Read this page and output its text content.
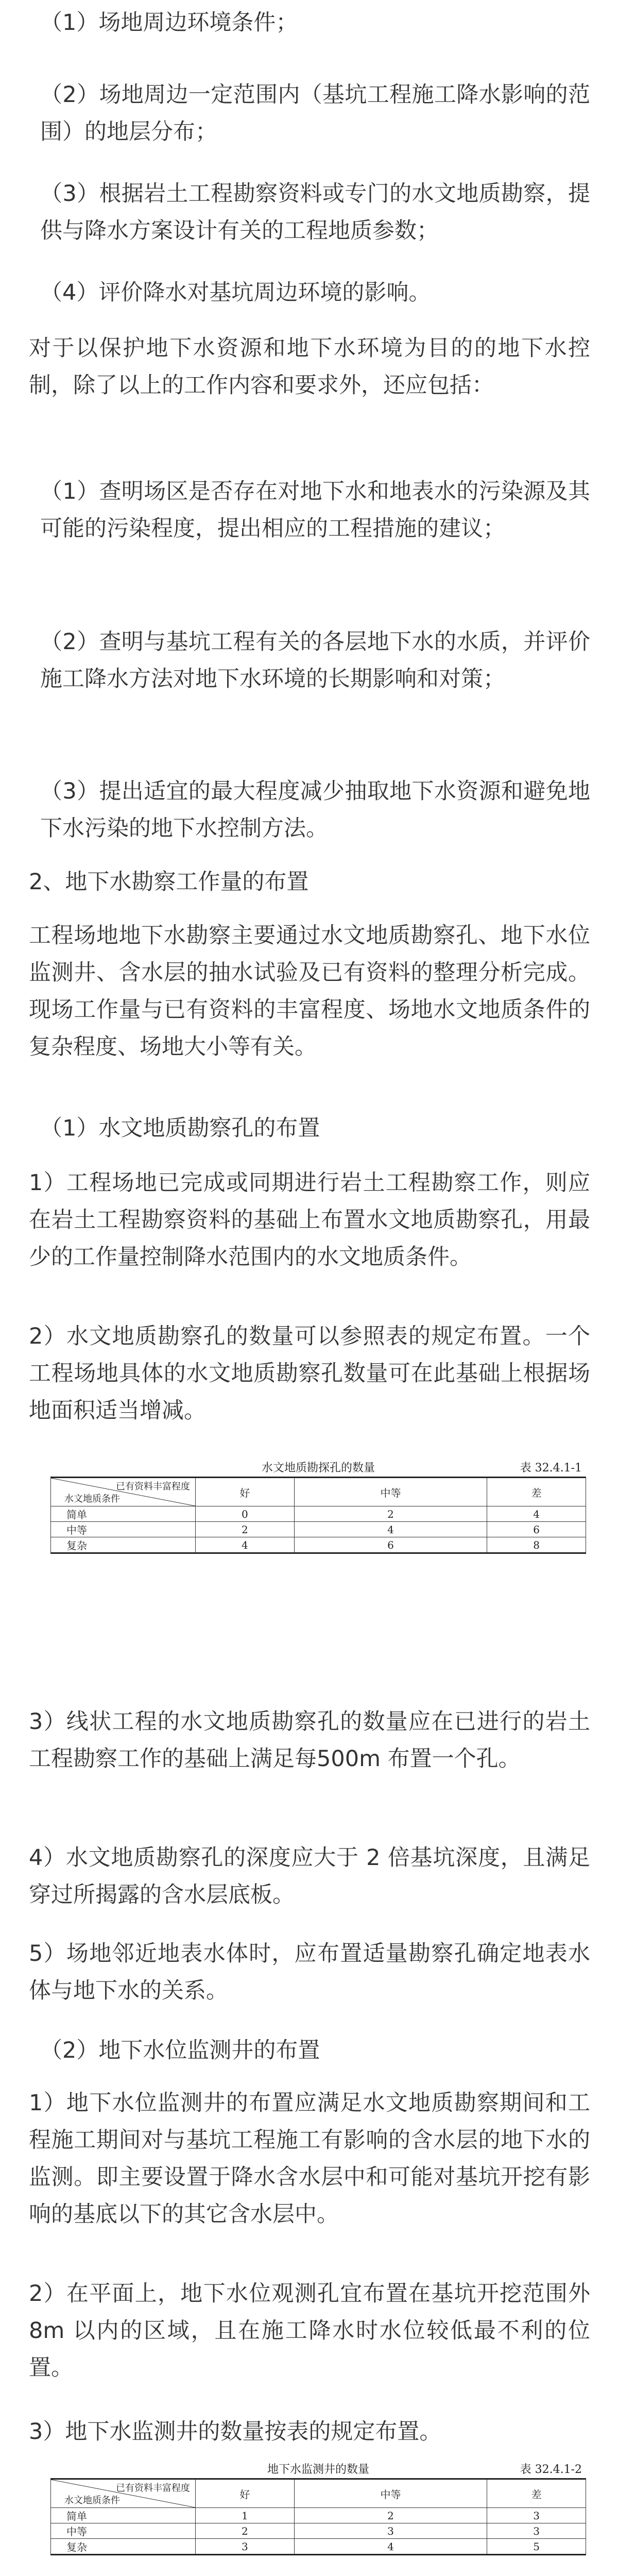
（1）场地周边环境条件；

（2）场地周边一定范围内（基坑工程施工降水影响的范围）的地层分布；

（3）根据岩土工程勘察资料或专门的水文地质勘察，提供与降水方案设计有关的工程地质参数；

（4）评价降水对基坑周边环境的影响。

对于以保护地下水资源和地下水环境为目的的地下水控制，除了以上的工作内容和要求外，还应包括：

（1）查明场区是否存在对地下水和地表水的污染源及其可能的污染程度，提出相应的工程措施的建议；

（2）查明与基坑工程有关的各层地下水的水质，并评价施工降水方法对地下水环境的长期影响和对策；

（3）提出适宜的最大程度减少抽取地下水资源和避免地下水污染的地下水控制方法。

2、地下水勘察工作量的布置

工程场地地下水勘察主要通过水文地质勘察孔、地下水位监测井、含水层的抽水试验及已有资料的整理分析完成。现场工作量与已有资料的丰富程度、场地水文地质条件的复杂程度、场地大小等有关。

（1）水文地质勘察孔的布置

1）工程场地已完成或同期进行岩土工程勘察工作，则应在岩土工程勘察资料的基础上布置水文地质勘察孔，用最少的工作量控制降水范围内的水文地质条件。

2）水文地质勘察孔的数量可以参照表的规定布置。一个工程场地具体的水文地质勘察孔数量可在此基础上根据场地面积适当增减。

3）线状工程的水文地质勘察孔的数量应在已进行的岩土工程勘察工作的基础上满足每500m 布置一个孔。

4）水文地质勘察孔的深度应大于 2 倍基坑深度，且满足穿过所揭露的含水层底板。

5）场地邻近地表水体时，应布置适量勘察孔确定地表水体与地下水的关系。

（2）地下水位监测井的布置

1）地下水位监测井的布置应满足水文地质勘察期间和工程施工期间对与基坑工程施工有影响的含水层的地下水的监测。即主要设置于降水含水层中和可能对基坑开挖有影响的基底以下的其它含水层中。

2）在平面上，地下水位观测孔宜布置在基坑开挖范围外 8m 以内的区域，且在施工降水时水位较低最不利的位置。

3）地下水监测井的数量按表的规定布置。

水文地质勘探孔的数量	表 32.4.1-1
已有资料丰富程度
水文地质条件	好	中等	差
简单	0	2	4
中等	2	4	6
复杂	4	6	8
地下水监测井的数量	表 32.4.1-2
已有资料丰富程度
水文地质条件	好	中等	差
简单	1	2	3
中等	2	3	3
复杂	3	4	5
